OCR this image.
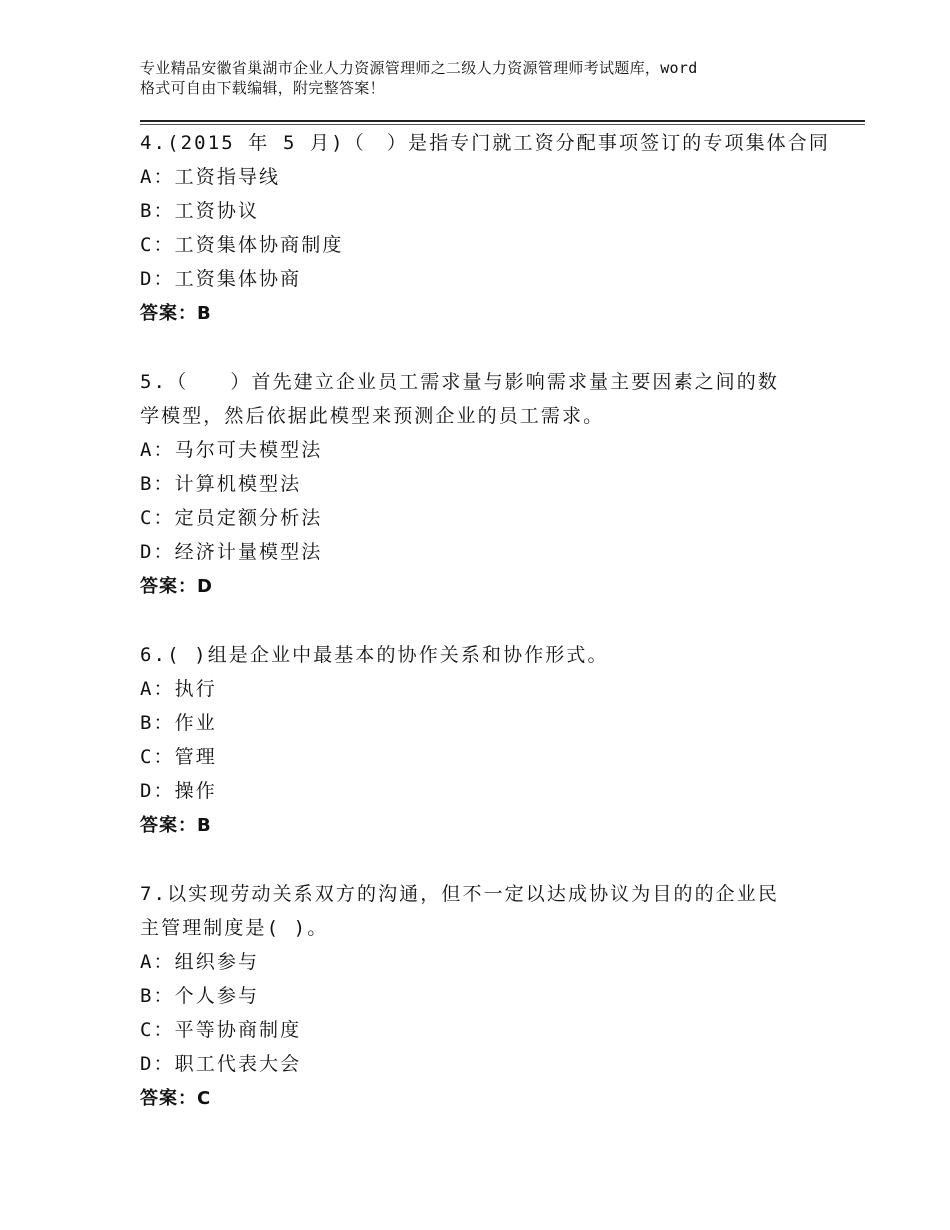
专业精品安徽省巢湖市企业人力资源管理师之二级人力资源管理师考试题库，word
格式可自由下载编辑，附完整答案！
4.(2015 年 5 月)（　）是指专门就工资分配事项签订的专项集体合同
A：工资指导线
B：工资协议
C：工资集体协商制度
D：工资集体协商
答案：B
5.（　　）首先建立企业员工需求量与影响需求量主要因素之间的数
学模型，然后依据此模型来预测企业的员工需求。
A：马尔可夫模型法
B：计算机模型法
C：定员定额分析法
D：经济计量模型法
答案：D
6.( )组是企业中最基本的协作关系和协作形式。
A：执行
B：作业
C：管理
D：操作
答案：B
7.以实现劳动关系双方的沟通，但不一定以达成协议为目的的企业民
主管理制度是( )。
A：组织参与
B：个人参与
C：平等协商制度
D：职工代表大会
答案：C
